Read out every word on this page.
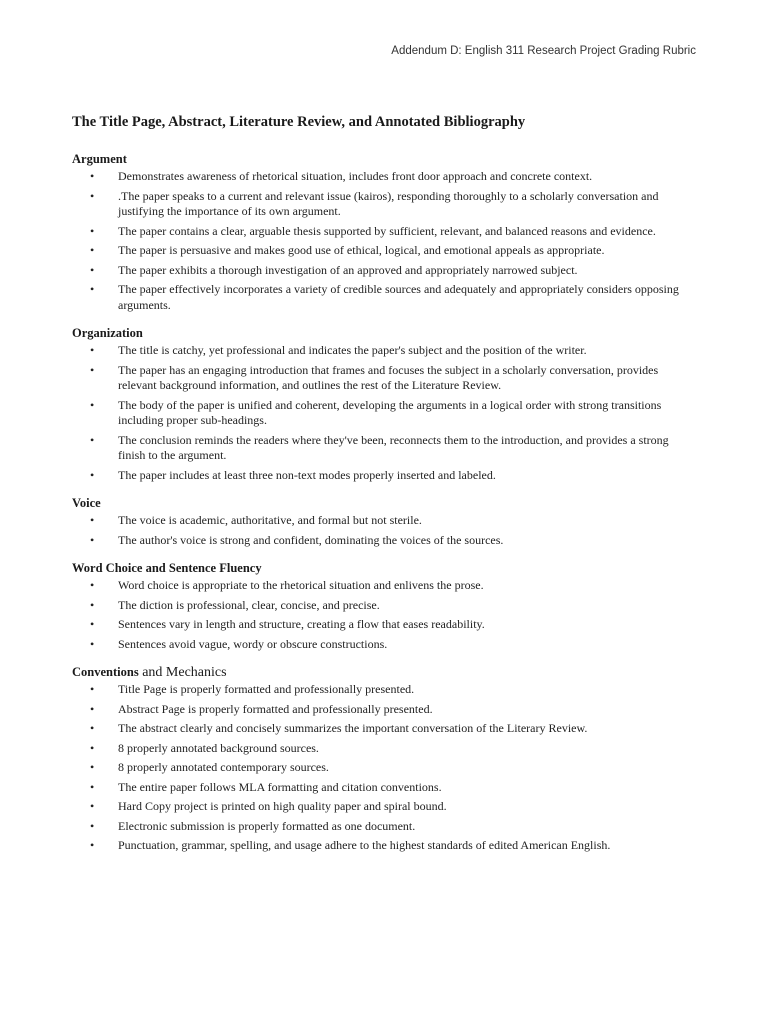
Addendum D: English 311 Research Project Grading Rubric
The Title Page, Abstract, Literature Review, and Annotated Bibliography
Argument
• Demonstrates awareness of rhetorical situation, includes front door approach and concrete context.
• .The paper speaks to a current and relevant issue (kairos), responding thoroughly to a scholarly conversation and justifying the importance of its own argument.
• The paper contains a clear, arguable thesis supported by sufficient, relevant, and balanced reasons and evidence.
• The paper is persuasive and makes good use of ethical, logical, and emotional appeals as appropriate.
• The paper exhibits a thorough investigation of an approved and appropriately narrowed subject.
• The paper effectively incorporates a variety of credible sources and adequately and appropriately considers opposing arguments.
Organization
• The title is catchy, yet professional and indicates the paper's subject and the position of the writer.
• The paper has an engaging introduction that frames and focuses the subject in a scholarly conversation, provides relevant background information, and outlines the rest of the Literature Review.
• The body of the paper is unified and coherent, developing the arguments in a logical order with strong transitions including proper sub-headings.
• The conclusion reminds the readers where they've been, reconnects them to the introduction, and provides a strong finish to the argument.
• The paper includes at least three non-text modes properly inserted and labeled.
Voice
• The voice is academic, authoritative, and formal but not sterile.
• The author's voice is strong and confident, dominating the voices of the sources.
Word Choice and Sentence Fluency
• Word choice is appropriate to the rhetorical situation and enlivens the prose.
• The diction is professional, clear, concise, and precise.
• Sentences vary in length and structure, creating a flow that eases readability.
• Sentences avoid vague, wordy or obscure constructions.
Conventions and Mechanics
• Title Page is properly formatted and professionally presented.
• Abstract Page is properly formatted and professionally presented.
• The abstract clearly and concisely summarizes the important conversation of the Literary Review.
• 8 properly annotated background sources.
• 8 properly annotated contemporary sources.
• The entire paper follows MLA formatting and citation conventions.
• Hard Copy project is printed on high quality paper and spiral bound.
• Electronic submission is properly formatted as one document.
• Punctuation, grammar, spelling, and usage adhere to the highest standards of edited American English.
